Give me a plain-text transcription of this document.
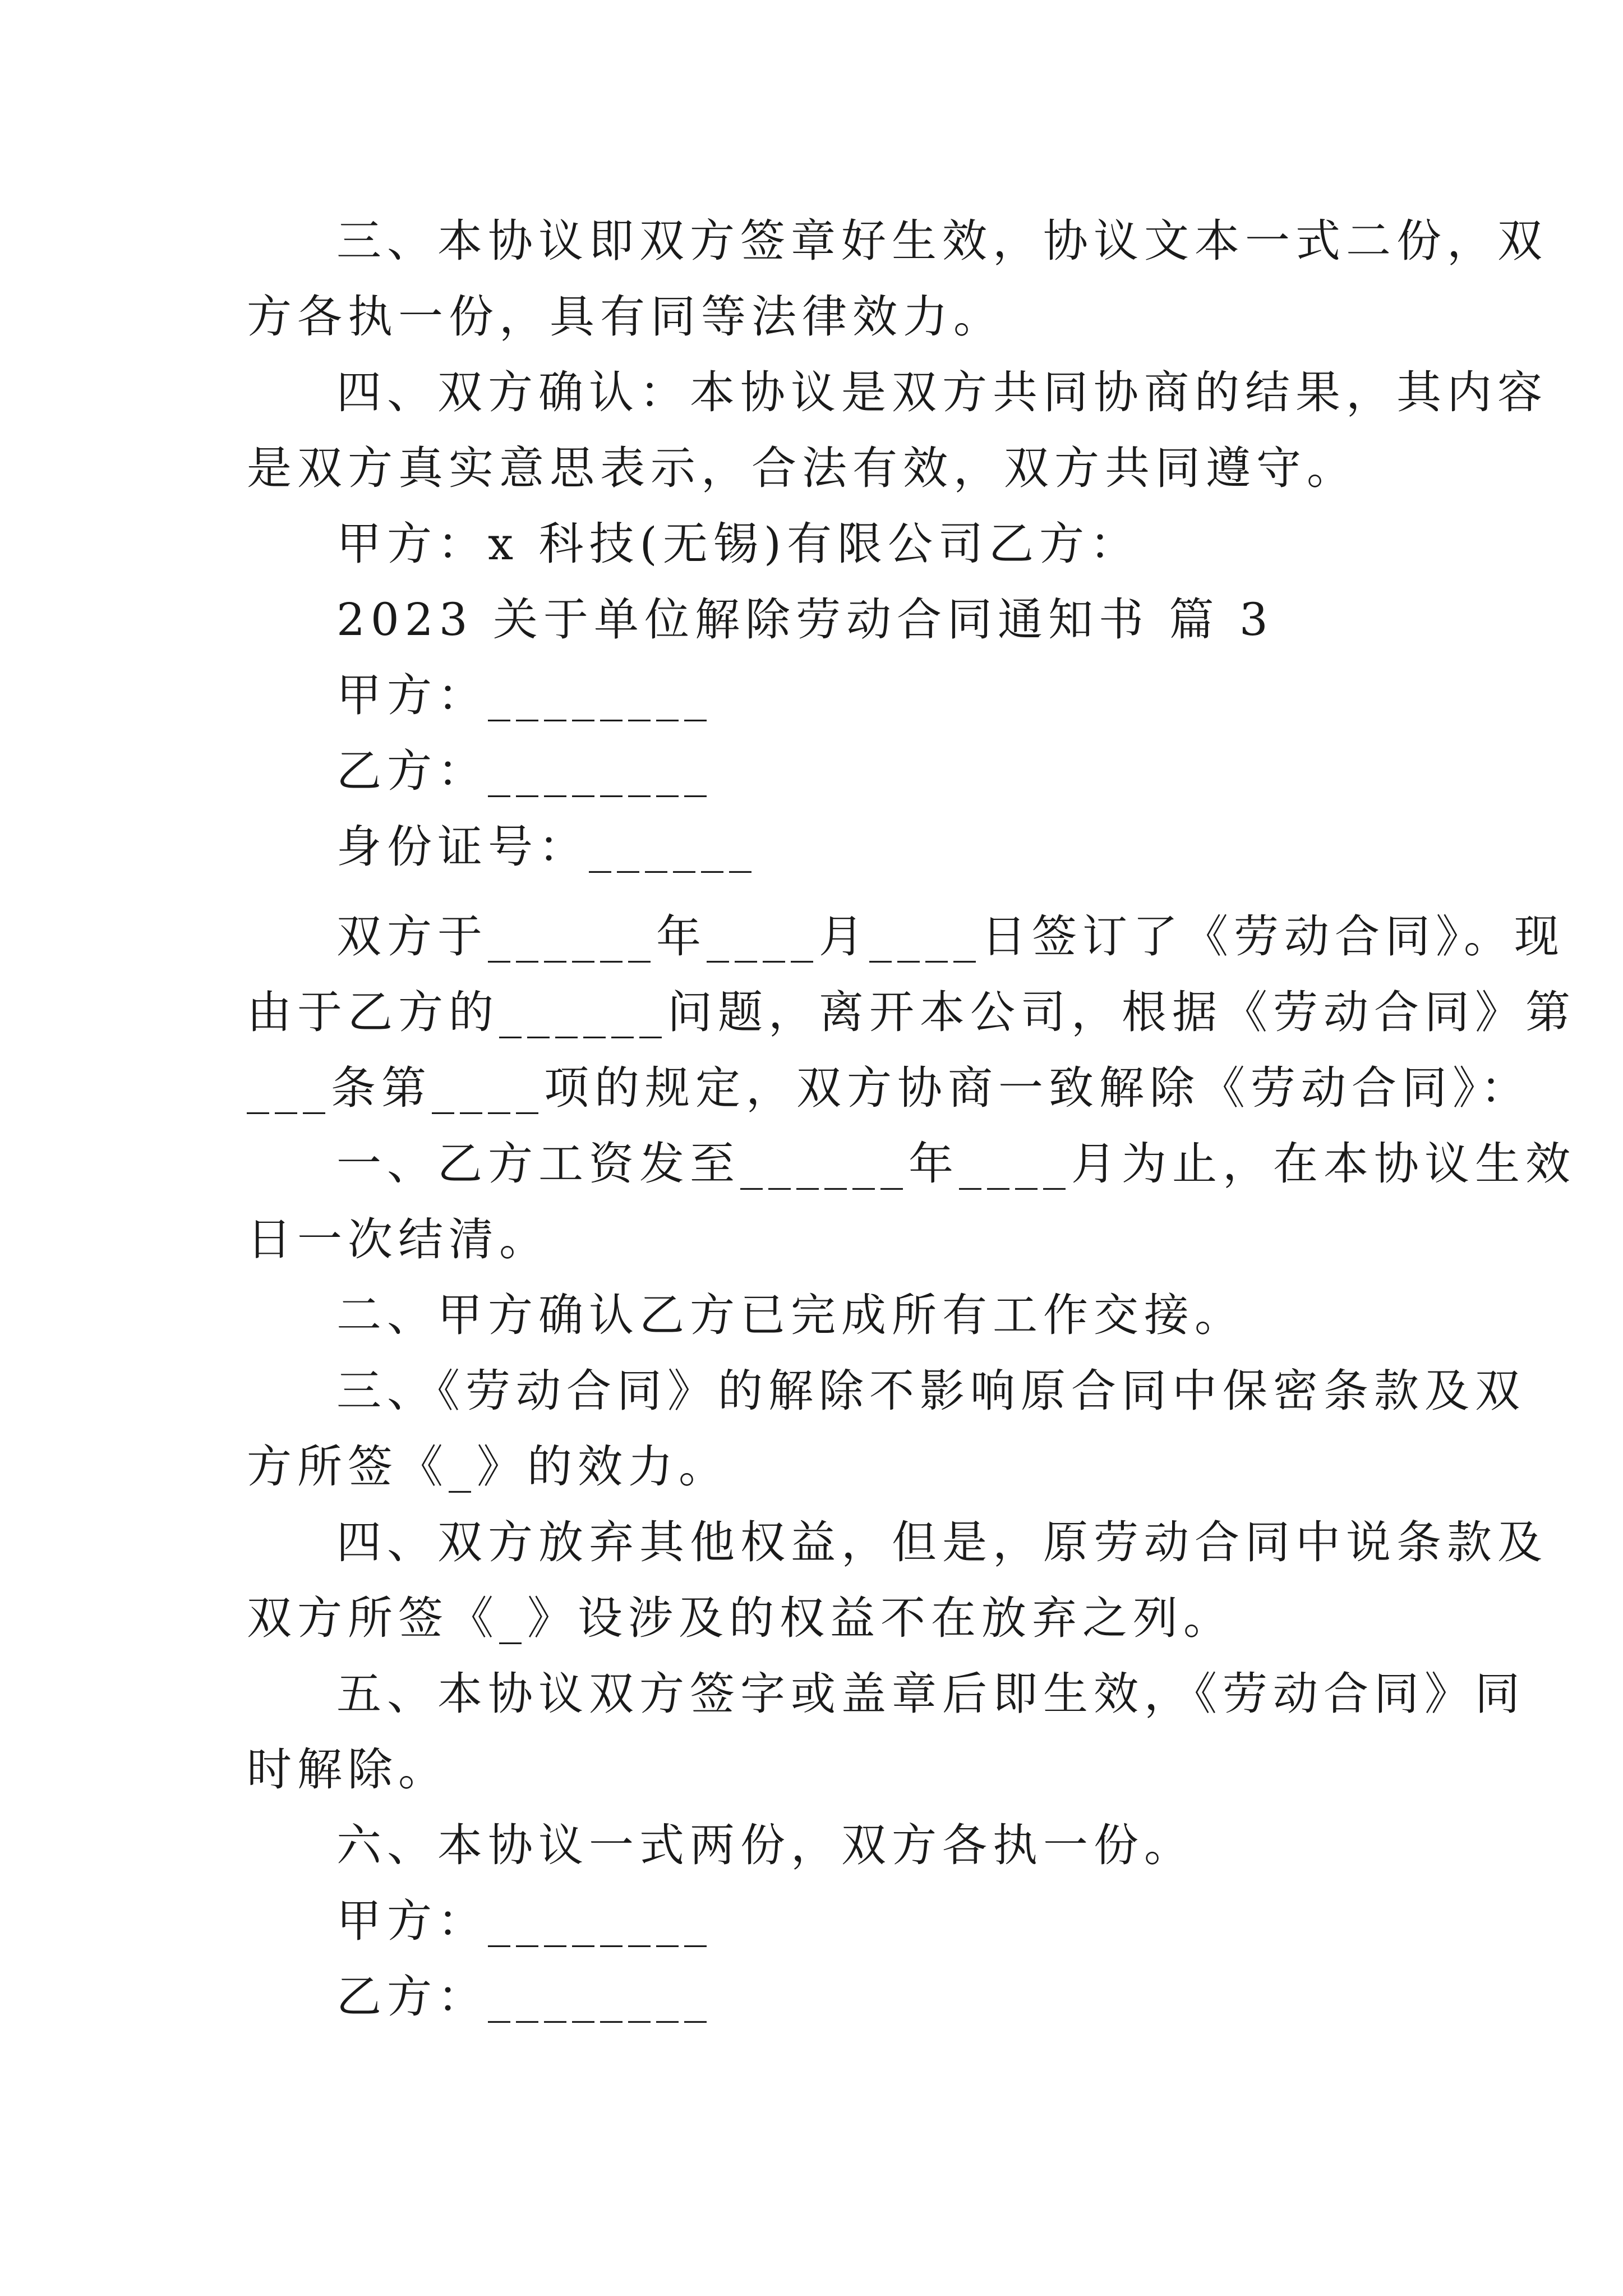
三、本协议即双方签章好生效，协议文本一式二份，双
方各执一份，具有同等法律效力。
四、双方确认：本协议是双方共同协商的结果，其内容
是双方真实意思表示，合法有效，双方共同遵守。
甲方：x 科技(无锡)有限公司乙方：
2023 关于单位解除劳动合同通知书 篇 3
甲方：________
乙方：________
身份证号：______
双方于______年____月____日签订了《劳动合同》。现
由于乙方的______问题，离开本公司，根据《劳动合同》第
___条第____项的规定，双方协商一致解除《劳动合同》：
一、乙方工资发至______年____月为止，在本协议生效
日一次结清。
二、甲方确认乙方已完成所有工作交接。
三、《劳动合同》的解除不影响原合同中保密条款及双
方所签《_》的效力。
四、双方放弃其他权益，但是，原劳动合同中说条款及
双方所签《_》设涉及的权益不在放弃之列。
五、本协议双方签字或盖章后即生效，《劳动合同》同
时解除。
六、本协议一式两份，双方各执一份。
甲方：________
乙方：________
